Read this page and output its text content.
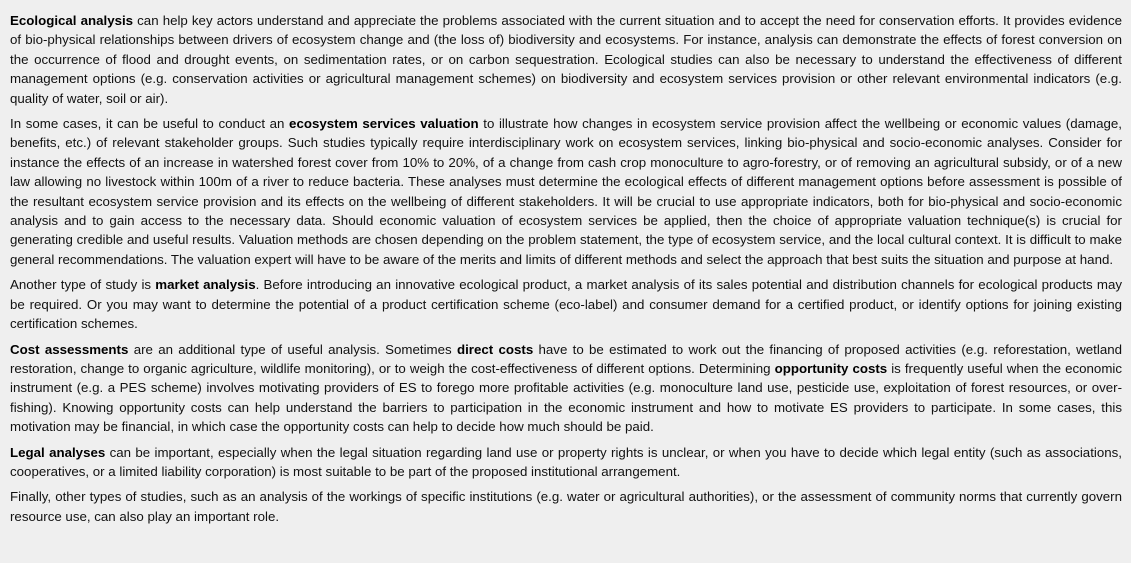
Ecological analysis can help key actors understand and appreciate the problems associated with the current situation and to accept the need for conservation efforts. It provides evidence of bio-physical relationships between drivers of ecosystem change and (the loss of) biodiversity and ecosystems. For instance, analysis can demonstrate the effects of forest conversion on the occurrence of flood and drought events, on sedimentation rates, or on carbon sequestration. Ecological studies can also be necessary to understand the effectiveness of different management options (e.g. conservation activities or agricultural management schemes) on biodiversity and ecosystem services provision or other relevant environmental indicators (e.g. quality of water, soil or air).

In some cases, it can be useful to conduct an ecosystem services valuation to illustrate how changes in ecosystem service provision affect the wellbeing or economic values (damage, benefits, etc.) of relevant stakeholder groups. Such studies typically require interdisciplinary work on ecosystem services, linking bio-physical and socio-economic analyses. Consider for instance the effects of an increase in watershed forest cover from 10% to 20%, of a change from cash crop monoculture to agro-forestry, or of removing an agricultural subsidy, or of a new law allowing no livestock within 100m of a river to reduce bacteria. These analyses must determine the ecological effects of different management options before assessment is possible of the resultant ecosystem service provision and its effects on the wellbeing of different stakeholders. It will be crucial to use appropriate indicators, both for bio-physical and socio-economic analysis and to gain access to the necessary data. Should economic valuation of ecosystem services be applied, then the choice of appropriate valuation technique(s) is crucial for generating credible and useful results. Valuation methods are chosen depending on the problem statement, the type of ecosystem service, and the local cultural context. It is difficult to make general recommendations. The valuation expert will have to be aware of the merits and limits of different methods and select the approach that best suits the situation and purpose at hand.

Another type of study is market analysis. Before introducing an innovative ecological product, a market analysis of its sales potential and distribution channels for ecological products may be required. Or you may want to determine the potential of a product certification scheme (eco-label) and consumer demand for a certified product, or identify options for joining existing certification schemes.

Cost assessments are an additional type of useful analysis. Sometimes direct costs have to be estimated to work out the financing of proposed activities (e.g. reforestation, wetland restoration, change to organic agriculture, wildlife monitoring), or to weigh the cost-effectiveness of different options. Determining opportunity costs is frequently useful when the economic instrument (e.g. a PES scheme) involves motivating providers of ES to forego more profitable activities (e.g. monoculture land use, pesticide use, exploitation of forest resources, or over-fishing). Knowing opportunity costs can help understand the barriers to participation in the economic instrument and how to motivate ES providers to participate. In some cases, this motivation may be financial, in which case the opportunity costs can help to decide how much should be paid.

Legal analyses can be important, especially when the legal situation regarding land use or property rights is unclear, or when you have to decide which legal entity (such as associations, cooperatives, or a limited liability corporation) is most suitable to be part of the proposed institutional arrangement.

Finally, other types of studies, such as an analysis of the workings of specific institutions (e.g. water or agricultural authorities), or the assessment of community norms that currently govern resource use, can also play an important role.
